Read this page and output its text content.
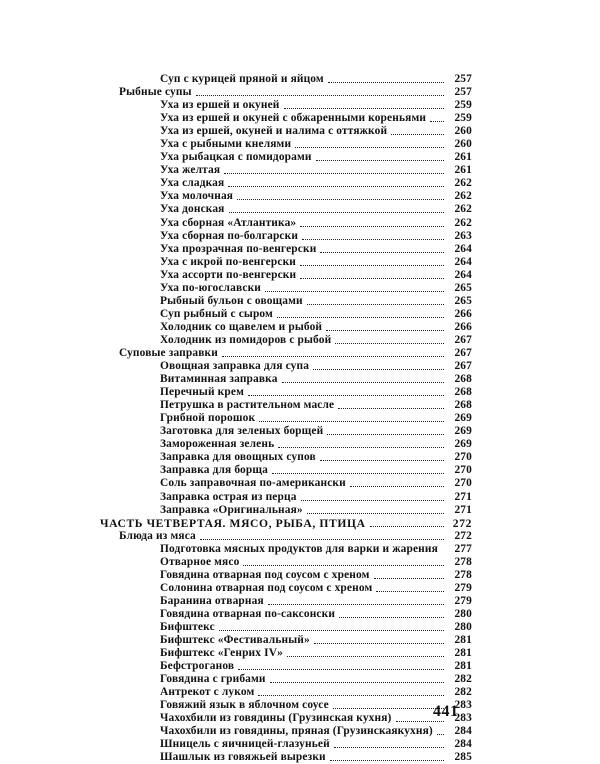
Суп с курицей пряной и яйцом	257
Рыбные супы	257
Уха из ершей и окуней	259
Уха из ершей и окуней с обжаренными кореньями	259
Уха из ершей, окуней и налима с оттяжкой	260
Уха с рыбными кнелями	260
Уха рыбацкая с помидорами	261
Уха желтая	261
Уха сладкая	262
Уха молочная	262
Уха донская	262
Уха сборная «Атлантика»	262
Уха сборная по-болгарски	263
Уха прозрачная по-венгерски	264
Уха с икрой по-венгерски	264
Уха ассорти по-венгерски	264
Уха по-югославски	265
Рыбный бульон с овощами	265
Суп рыбный с сыром	266
Холодник со щавелем и рыбой	266
Холодник из помидоров с рыбой	267
Суповые заправки	267
Овощная заправка для супа	267
Витаминная заправка	268
Перечный крем	268
Петрушка в растительном масле	268
Грибной порошок	269
Заготовка для зеленых борщей	269
Замороженная зелень	269
Заправка для овощных супов	270
Заправка для борща	270
Соль заправочная по-американски	270
Заправка острая из перца	271
Заправка «Оригинальная»	271
ЧАСТЬ ЧЕТВЕРТАЯ. МЯСО, РЫБА, ПТИЦА	272
Блюда из мяса	272
Подготовка мясных продуктов для варки и жарения	277
Отварное мясо	278
Говядина отварная под соусом с хреном	278
Солонина отварная под соусом с хреном	279
Баранина отварная	279
Говядина отварная по-саксонски	280
Бифштекс	280
Бифштекс «Фестивальный»	281
Бифштекс «Генрих IV»	281
Бефстроганов	281
Говядина с грибами	282
Антрекот с луком	282
Говяжий язык в яблочном соусе	283
Чахохбили из говядины (Грузинская кухня)	283
Чахохбили из говядины, пряная (Грузинскаякухня)	284
Шницель с яичницей-глазуньей	284
Шашлык из говяжьей вырезки	285
441
